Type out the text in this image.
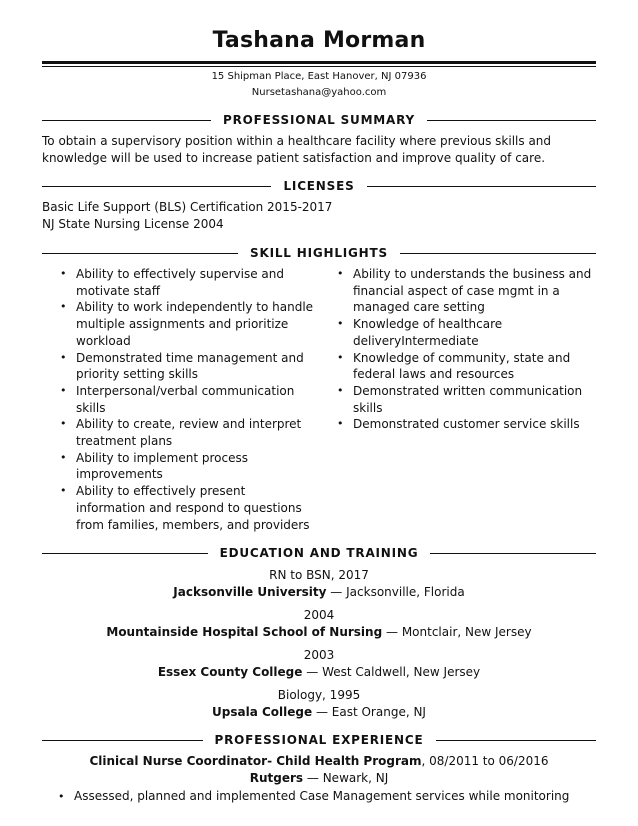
Tashana Morman
15 Shipman Place, East Hanover, NJ 07936
Nursetashana@yahoo.com
PROFESSIONAL SUMMARY
To obtain a supervisory position within a healthcare facility where previous skills and knowledge will be used to increase patient satisfaction and improve quality of care.
LICENSES
Basic Life Support (BLS) Certification 2015-2017
NJ State Nursing License 2004
SKILL HIGHLIGHTS
• Ability to effectively supervise and motivate staff
• Ability to work independently to handle multiple assignments and prioritize workload
• Demonstrated time management and priority setting skills
• Interpersonal/verbal communication skills
• Ability to create, review and interpret treatment plans
• Ability to implement process improvements
• Ability to effectively present information and respond to questions from families, members, and providers
• Ability to understands the business and financial aspect of case mgmt in a managed care setting
• Knowledge of healthcare deliveryIntermediate
• Knowledge of community, state and federal laws and resources
• Demonstrated written communication skills
• Demonstrated customer service skills
EDUCATION AND TRAINING
RN to BSN, 2017
Jacksonville University — Jacksonville, Florida
2004
Mountainside Hospital School of Nursing — Montclair, New Jersey
2003
Essex County College — West Caldwell, New Jersey
Biology, 1995
Upsala College — East Orange, NJ
PROFESSIONAL EXPERIENCE
Clinical Nurse Coordinator- Child Health Program, 08/2011 to 06/2016
Rutgers — Newark, NJ
• Assessed, planned and implemented Case Management services while monitoring
